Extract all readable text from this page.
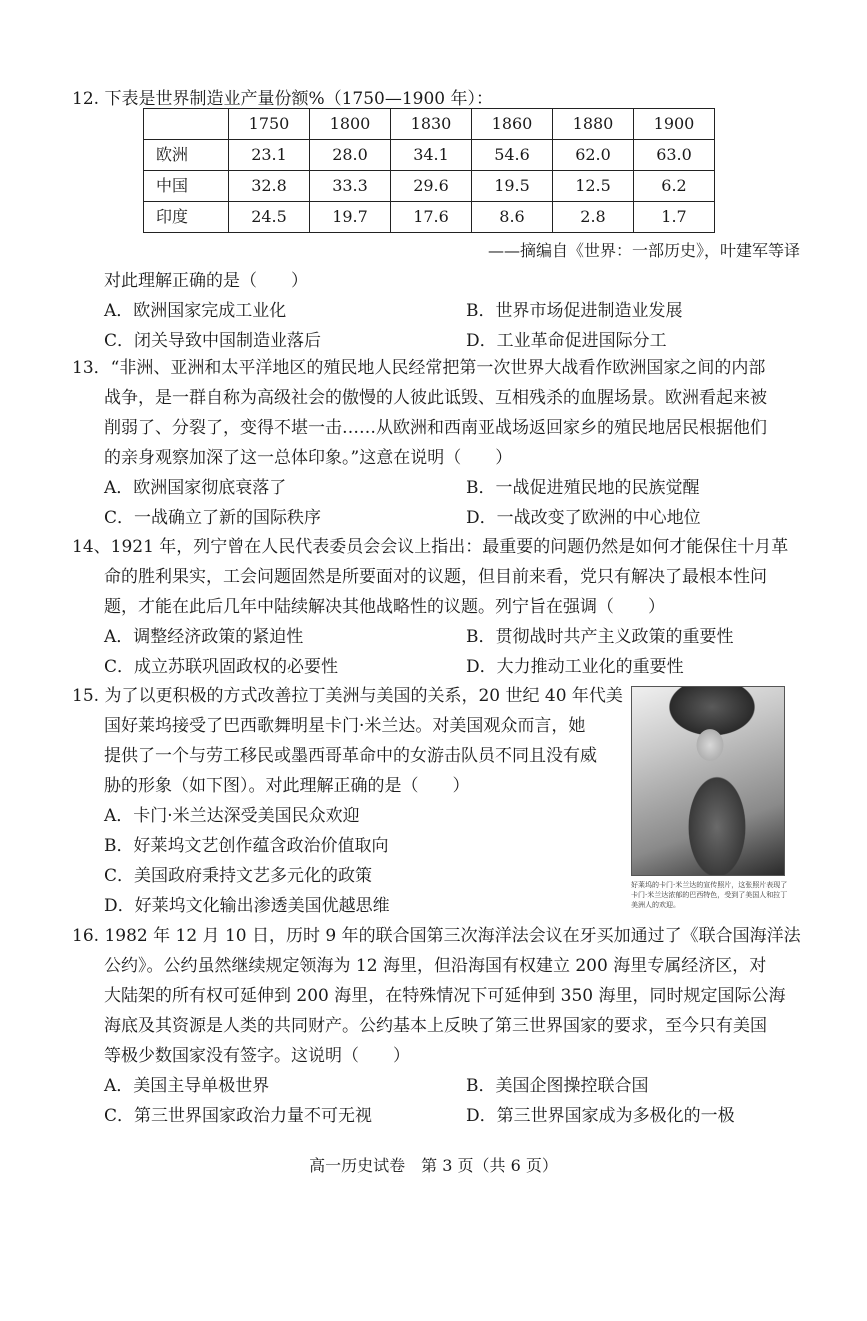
12. 下表是世界制造业产量份额%（1750—1900 年）：
	1750	1800	1830	1860	1880	1900
欧洲	23.1	28.0	34.1	54.6	62.0	63.0
中国	32.8	33.3	29.6	19.5	12.5	6.2
印度	24.5	19.7	17.6	8.6	2.8	1.7
——摘编自《世界：一部历史》，叶建军等译
对此理解正确的是（　　）
A．欧洲国家完成工业化	B．世界市场促进制造业发展
C．闭关导致中国制造业落后	D．工业革命促进国际分工
13．“非洲、亚洲和太平洋地区的殖民地人民经常把第一次世界大战看作欧洲国家之间的内部
战争，是一群自称为高级社会的傲慢的人彼此诋毁、互相残杀的血腥场景。欧洲看起来被
削弱了、分裂了，变得不堪一击……从欧洲和西南亚战场返回家乡的殖民地居民根据他们
的亲身观察加深了这一总体印象。”这意在说明（　　）
A．欧洲国家彻底衰落了	B．一战促进殖民地的民族觉醒
C．一战确立了新的国际秩序	D．一战改变了欧洲的中心地位
14、1921 年，列宁曾在人民代表委员会会议上指出：最重要的问题仍然是如何才能保住十月革
命的胜利果实，工会问题固然是所要面对的议题，但目前来看，党只有解决了最根本性问
题，才能在此后几年中陆续解决其他战略性的议题。列宁旨在强调（　　）
A．调整经济政策的紧迫性	B．贯彻战时共产主义政策的重要性
C．成立苏联巩固政权的必要性	D．大力推动工业化的重要性
15. 为了以更积极的方式改善拉丁美洲与美国的关系，20 世纪 40 年代美
国好莱坞接受了巴西歌舞明星卡门·米兰达。对美国观众而言，她
提供了一个与劳工移民或墨西哥革命中的女游击队员不同且没有威
胁的形象（如下图）。对此理解正确的是（　　）
A．卡门·米兰达深受美国民众欢迎
B．好莱坞文艺创作蕴含政治价值取向
C．美国政府秉持文艺多元化的政策
D．好莱坞文化输出渗透美国优越思维
好莱坞的卡门·米兰达的宣传照片，这张照片表现了卡门·米兰达浓郁的巴西特色，受到了美国人和拉丁美洲人的欢迎。
16. 1982 年 12 月 10 日，历时 9 年的联合国第三次海洋法会议在牙买加通过了《联合国海洋法
公约》。公约虽然继续规定领海为 12 海里，但沿海国有权建立 200 海里专属经济区，对
大陆架的所有权可延伸到 200 海里，在特殊情况下可延伸到 350 海里，同时规定国际公海
海底及其资源是人类的共同财产。公约基本上反映了第三世界国家的要求，至今只有美国
等极少数国家没有签字。这说明（　　）
A．美国主导单极世界	B．美国企图操控联合国
C．第三世界国家政治力量不可无视	D．第三世界国家成为多极化的一极
高一历史试卷　第 3 页（共 6 页）
